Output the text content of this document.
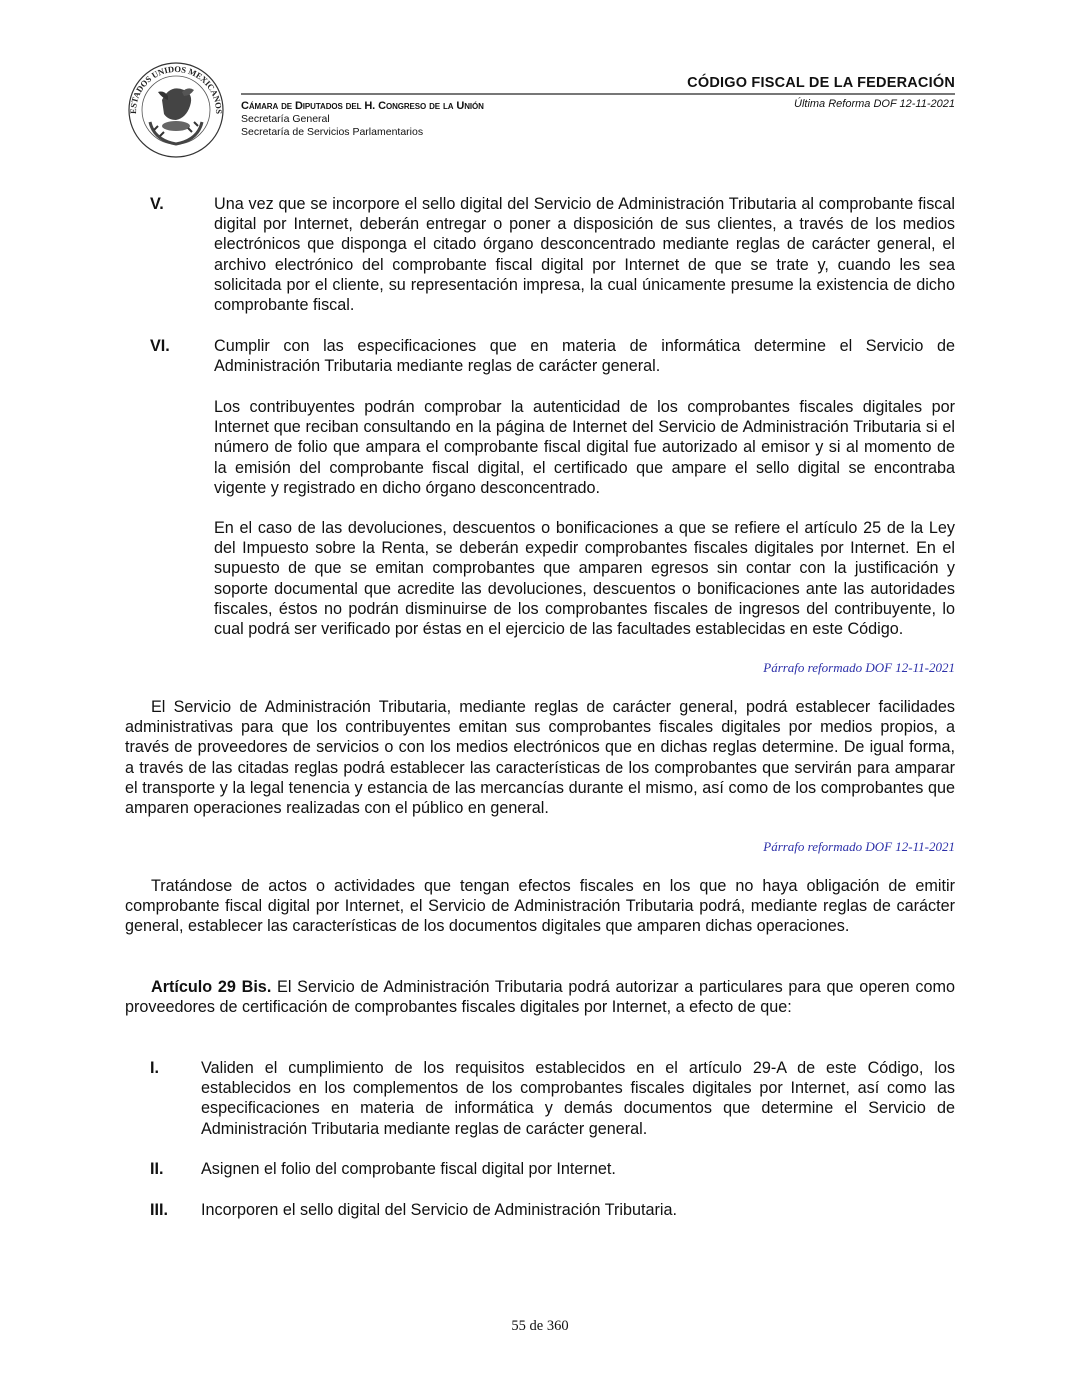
ESTADOS UNIDOS MEXICANOS
CÓDIGO FISCAL DE LA FEDERACIÓN
Última Reforma DOF 12-11-2021
Cámara de Diputados del H. Congreso de la Unión
Secretaría General
Secretaría de Servicios Parlamentarios
V.	Una vez que se incorpore el sello digital del Servicio de Administración Tributaria al comprobante fiscal digital por Internet, deberán entregar o poner a disposición de sus clientes, a través de los medios electrónicos que disponga el citado órgano desconcentrado mediante reglas de carácter general, el archivo electrónico del comprobante fiscal digital por Internet de que se trate y, cuando les sea solicitada por el cliente, su representación impresa, la cual únicamente presume la existencia de dicho comprobante fiscal.

VI.	Cumplir con las especificaciones que en materia de informática determine el Servicio de Administración Tributaria mediante reglas de carácter general.

Los contribuyentes podrán comprobar la autenticidad de los comprobantes fiscales digitales por Internet que reciban consultando en la página de Internet del Servicio de Administración Tributaria si el número de folio que ampara el comprobante fiscal digital fue autorizado al emisor y si al momento de la emisión del comprobante fiscal digital, el certificado que ampare el sello digital se encontraba vigente y registrado en dicho órgano desconcentrado.

En el caso de las devoluciones, descuentos o bonificaciones a que se refiere el artículo 25 de la Ley del Impuesto sobre la Renta, se deberán expedir comprobantes fiscales digitales por Internet. En el supuesto de que se emitan comprobantes que amparen egresos sin contar con la justificación y soporte documental que acredite las devoluciones, descuentos o bonificaciones ante las autoridades fiscales, éstos no podrán disminuirse de los comprobantes fiscales de ingresos del contribuyente, lo cual podrá ser verificado por éstas en el ejercicio de las facultades establecidas en este Código.

Párrafo reformado DOF 12-11-2021

El Servicio de Administración Tributaria, mediante reglas de carácter general, podrá establecer facilidades administrativas para que los contribuyentes emitan sus comprobantes fiscales digitales por medios propios, a través de proveedores de servicios o con los medios electrónicos que en dichas reglas determine. De igual forma, a través de las citadas reglas podrá establecer las características de los comprobantes que servirán para amparar el transporte y la legal tenencia y estancia de las mercancías durante el mismo, así como de los comprobantes que amparen operaciones realizadas con el público en general.

Párrafo reformado DOF 12-11-2021

Tratándose de actos o actividades que tengan efectos fiscales en los que no haya obligación de emitir comprobante fiscal digital por Internet, el Servicio de Administración Tributaria podrá, mediante reglas de carácter general, establecer las características de los documentos digitales que amparen dichas operaciones.

Artículo 29 Bis. El Servicio de Administración Tributaria podrá autorizar a particulares para que operen como proveedores de certificación de comprobantes fiscales digitales por Internet, a efecto de que:

I.	Validen el cumplimiento de los requisitos establecidos en el artículo 29-A de este Código, los establecidos en los complementos de los comprobantes fiscales digitales por Internet, así como las especificaciones en materia de informática y demás documentos que determine el Servicio de Administración Tributaria mediante reglas de carácter general.

II. Asignen el folio del comprobante fiscal digital por Internet.

III. Incorporen el sello digital del Servicio de Administración Tributaria.

55 de 360
